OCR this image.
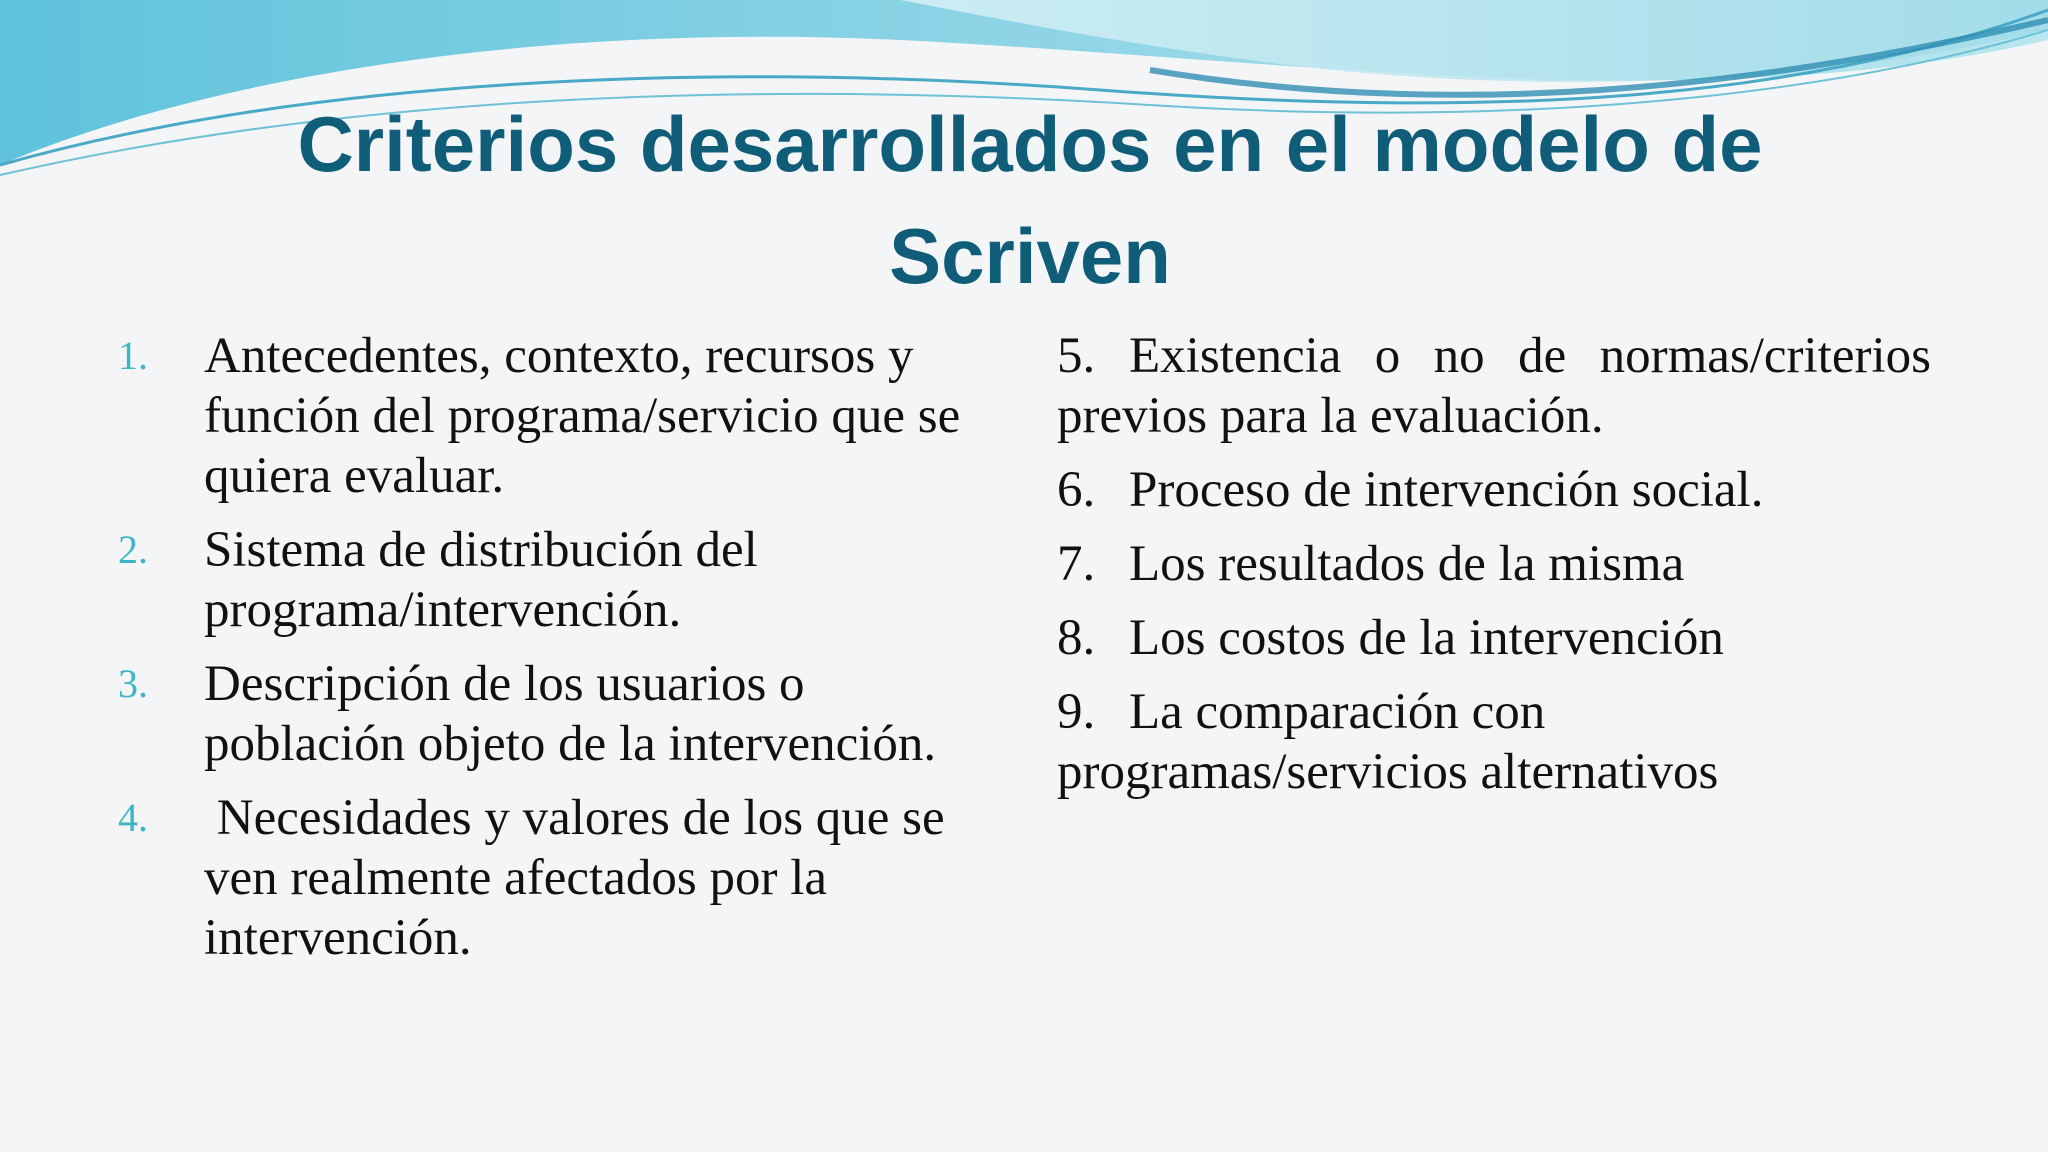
Criterios desarrollados en el modelo de
Scriven
1.	Antecedentes, contexto, recursos y función del programa/servicio que se quiera evaluar.
2.	Sistema de distribución del programa/intervención.
3.	Descripción de los usuarios o población objeto de la intervención.
4.	Necesidades y valores de los que se ven realmente afectados por la intervención.
5. Existencia o no de normas/criterios previos para la evaluación.
6. Proceso de intervención social.
7. Los resultados de la misma
8. Los costos de la intervención
9. La comparación con programas/servicios alternativos
